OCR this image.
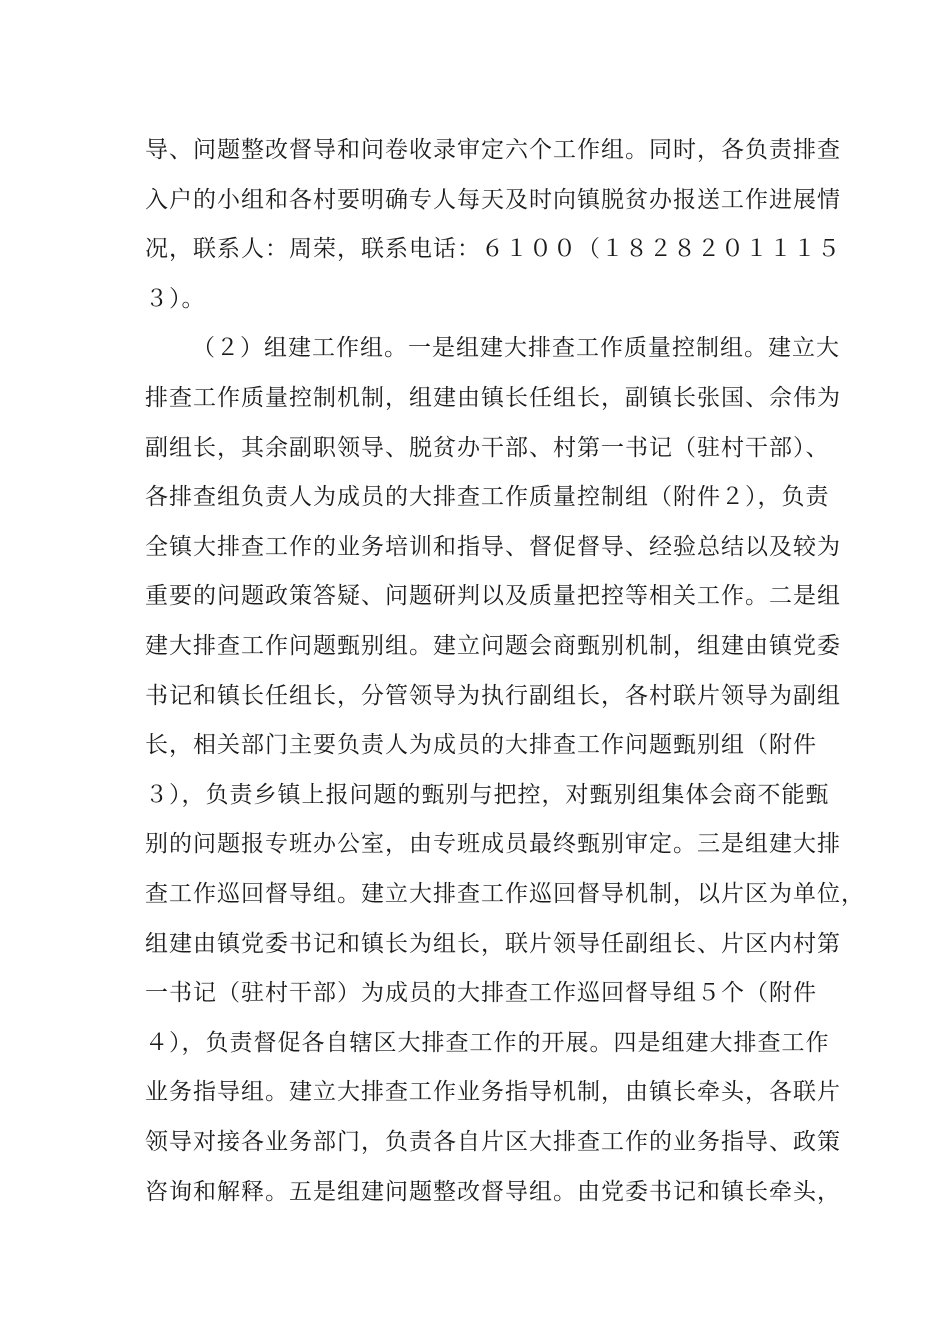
导、问题整改督导和问卷收录审定六个工作组。同时，各负责排查
入户的小组和各村要明确专人每天及时向镇脱贫办报送工作进展情
况，联系人：周荣，联系电话：６１００（１８２８２０１１１５
３）。
（２）组建工作组。一是组建大排查工作质量控制组。建立大
排查工作质量控制机制，组建由镇长任组长，副镇长张国、佘伟为
副组长，其余副职领导、脱贫办干部、村第一书记（驻村干部）、
各排查组负责人为成员的大排查工作质量控制组（附件２），负责
全镇大排查工作的业务培训和指导、督促督导、经验总结以及较为
重要的问题政策答疑、问题研判以及质量把控等相关工作。二是组
建大排查工作问题甄别组。建立问题会商甄别机制，组建由镇党委
书记和镇长任组长，分管领导为执行副组长，各村联片领导为副组
长，相关部门主要负责人为成员的大排查工作问题甄别组（附件
３），负责乡镇上报问题的甄别与把控，对甄别组集体会商不能甄
别的问题报专班办公室，由专班成员最终甄别审定。三是组建大排
查工作巡回督导组。建立大排查工作巡回督导机制，以片区为单位，
组建由镇党委书记和镇长为组长，联片领导任副组长、片区内村第
一书记（驻村干部）为成员的大排查工作巡回督导组５个（附件
４），负责督促各自辖区大排查工作的开展。四是组建大排查工作
业务指导组。建立大排查工作业务指导机制，由镇长牵头，各联片
领导对接各业务部门，负责各自片区大排查工作的业务指导、政策
咨询和解释。五是组建问题整改督导组。由党委书记和镇长牵头，
